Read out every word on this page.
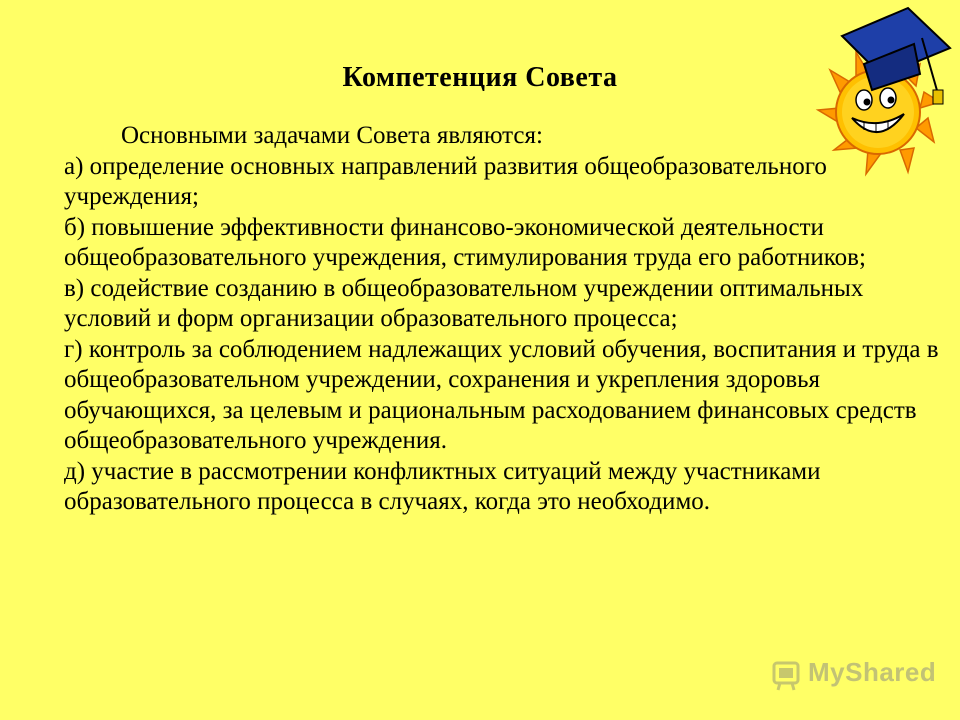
Компетенция Совета
Основными задачами Совета являются:
а) определение основных направлений развития общеобразовательного учреждения;
б) повышение эффективности финансово-экономической деятельности общеобразовательного учреждения, стимулирования труда его работников;
в) содействие созданию в общеобразовательном учреждении оптимальных условий и форм организации образовательного процесса;
г) контроль за соблюдением надлежащих условий обучения, воспитания и труда в общеобразовательном учреждении, сохранения и укрепления здоровья обучающихся, за целевым и рациональным расходованием финансовых средств общеобразовательного учреждения.
д) участие в рассмотрении конфликтных ситуаций между участниками образовательного процесса в случаях, когда это необходимо.
MyShared
